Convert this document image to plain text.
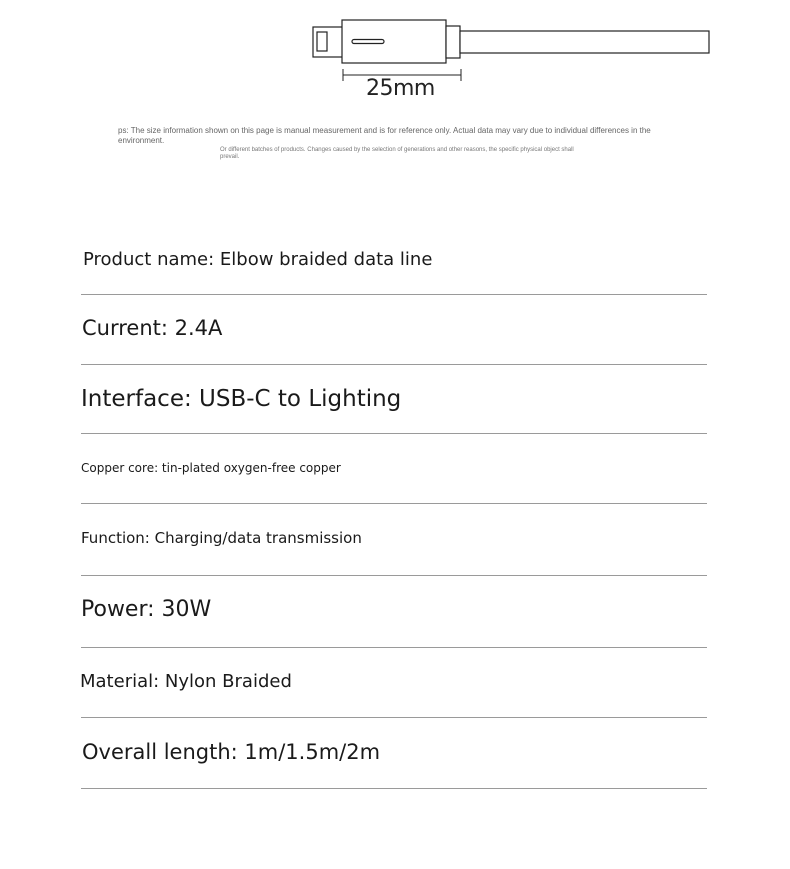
25mm
ps: The size information shown on this page is manual measurement and is for reference only. Actual data may vary due to individual differences in the environment.
Or different batches of products. Changes caused by the selection of generations and other reasons, the specific physical object shall prevail.
Product name: Elbow braided data line
Current: 2.4A
Interface: USB-C to Lighting
Copper core: tin-plated oxygen-free copper
Function: Charging/data transmission
Power: 30W
Material: Nylon Braided
Overall length: 1m/1.5m/2m
